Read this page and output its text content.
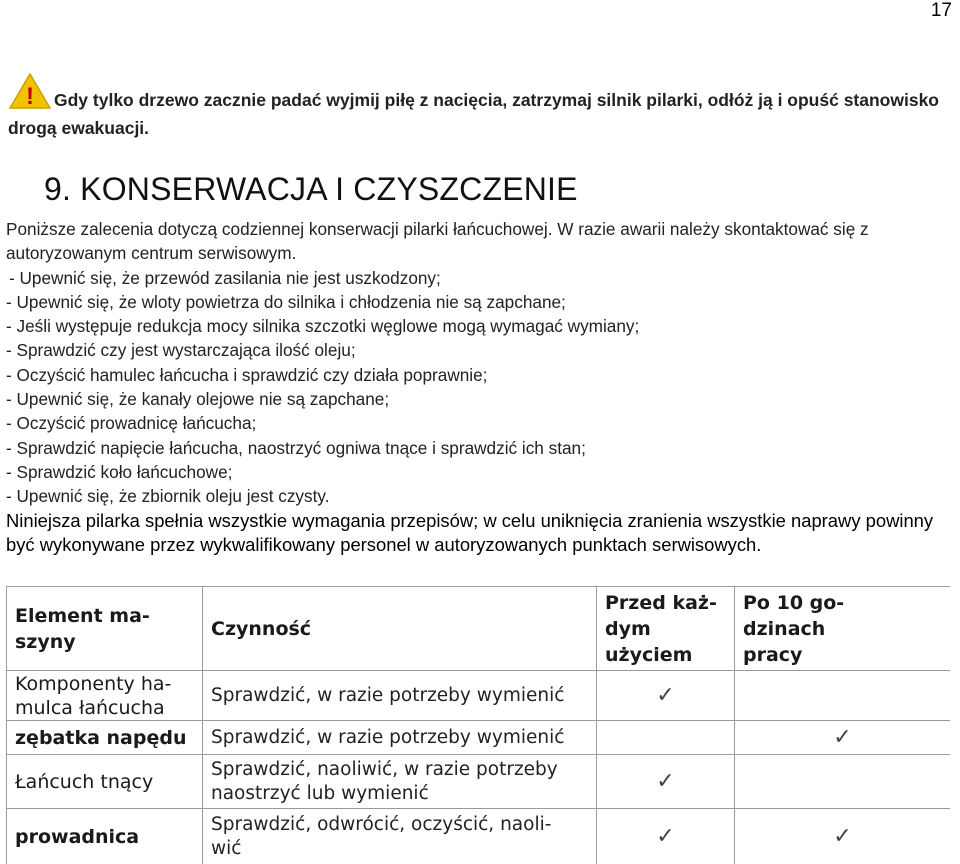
17
! Gdy tylko drzewo zacznie padać wyjmij piłę z nacięcia, zatrzymaj silnik pilarki, odłóż ją i opuść stanowisko drogą ewakuacji.
9. KONSERWACJA I CZYSZCZENIE

Poniższe zalecenia dotyczą codziennej konserwacji pilarki łańcuchowej. W razie awarii należy skontaktować się z autoryzowanym centrum serwisowym.

- Upewnić się, że przewód zasilania nie jest uszkodzony;

- Upewnić się, że wloty powietrza do silnika i chłodzenia nie są zapchane;

- Jeśli występuje redukcja mocy silnika szczotki węglowe mogą wymagać wymiany;

- Sprawdzić czy jest wystarczająca ilość oleju;

- Oczyścić hamulec łańcucha i sprawdzić czy działa poprawnie;

- Upewnić się, że kanały olejowe nie są zapchane;

- Oczyścić prowadnicę łańcucha;

- Sprawdzić napięcie łańcucha, naostrzyć ogniwa tnące i sprawdzić ich stan;

- Sprawdzić koło łańcuchowe;

- Upewnić się, że zbiornik oleju jest czysty.

Niniejsza pilarka spełnia wszystkie wymagania przepisów; w celu uniknięcia zranienia wszystkie naprawy powinny być wykonywane przez wykwalifikowany personel w autoryzowanych punktach serwisowych.

Element ma-
szyny	Czynność	Przed każ-
dym
użyciem	Po 10 go-
dzinach
pracy
Komponenty ha-
mulca łańcucha	Sprawdzić, w razie potrzeby wymienić	✓	
zębatka napędu	Sprawdzić, w razie potrzeby wymienić		✓
Łańcuch tnący	Sprawdzić, naoliwić, w razie potrzeby
naostrzyć lub wymienić	✓	
prowadnica	Sprawdzić, odwrócić, oczyścić, naoli-
wić	✓	✓
